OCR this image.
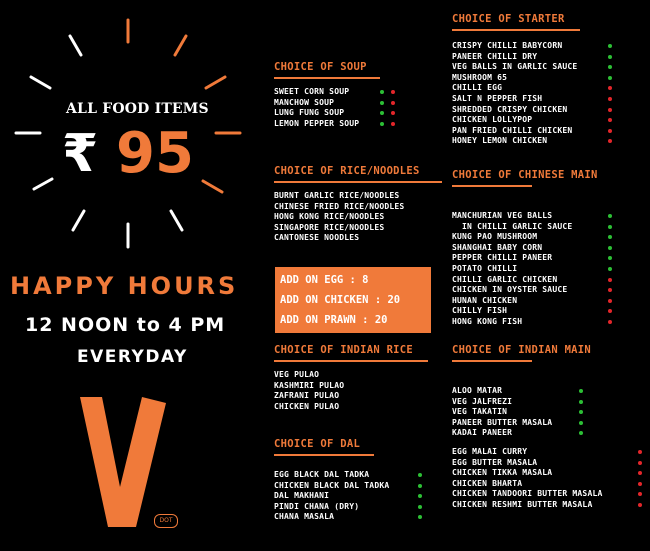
ALL FOOD ITEMS
₹ 95
HAPPY HOURS
12 NOON to 4 PM
EVERYDAY
DOT
CHOICE OF SOUP
SWEET CORN SOUP
MANCHOW SOUP
LUNG FUNG SOUP
LEMON PEPPER SOUP
CHOICE OF RICE/NOODLES
BURNT GARLIC RICE/NOODLES
CHINESE FRIED RICE/NOODLES
HONG KONG RICE/NOODLES
SINGAPORE RICE/NOODLES
CANTONESE NOODLES
ADD ON EGG : 8
ADD ON CHICKEN : 20
ADD ON PRAWN : 20
CHOICE OF INDIAN RICE
VEG PULAO
KASHMIRI PULAO
ZAFRANI PULAO
CHICKEN PULAO
CHOICE OF DAL
EGG BLACK DAL TADKA
CHICKEN BLACK DAL TADKA
DAL MAKHANI
PINDI CHANA (DRY)
CHANA MASALA
CHOICE OF STARTER
CRISPY CHILLI BABYCORN
PANEER CHILLI DRY
VEG BALLS IN GARLIC SAUCE
MUSHROOM 65
CHILLI EGG
SALT N PEPPER FISH
SHREDDED CRISPY CHICKEN
CHICKEN LOLLYPOP
PAN FRIED CHILLI CHICKEN
HONEY LEMON CHICKEN
CHOICE OF CHINESE MAIN
MANCHURIAN VEG BALLS
IN CHILLI GARLIC SAUCE
KUNG PAO MUSHROOM
SHANGHAI BABY CORN
PEPPER CHILLI PANEER
POTATO CHILLI
CHILLI GARLIC CHICKEN
CHICKEN IN OYSTER SAUCE
HUNAN CHICKEN
CHILLY FISH
HONG KONG FISH
CHOICE OF INDIAN MAIN
ALOO MATAR
VEG JALFREZI
VEG TAKATIN
PANEER BUTTER MASALA
KADAI PANEER
EGG MALAI CURRY
EGG BUTTER MASALA
CHICKEN TIKKA MASALA
CHICKEN BHARTA
CHICKEN TANDOORI BUTTER MASALA
CHICKEN RESHMI BUTTER MASALA
